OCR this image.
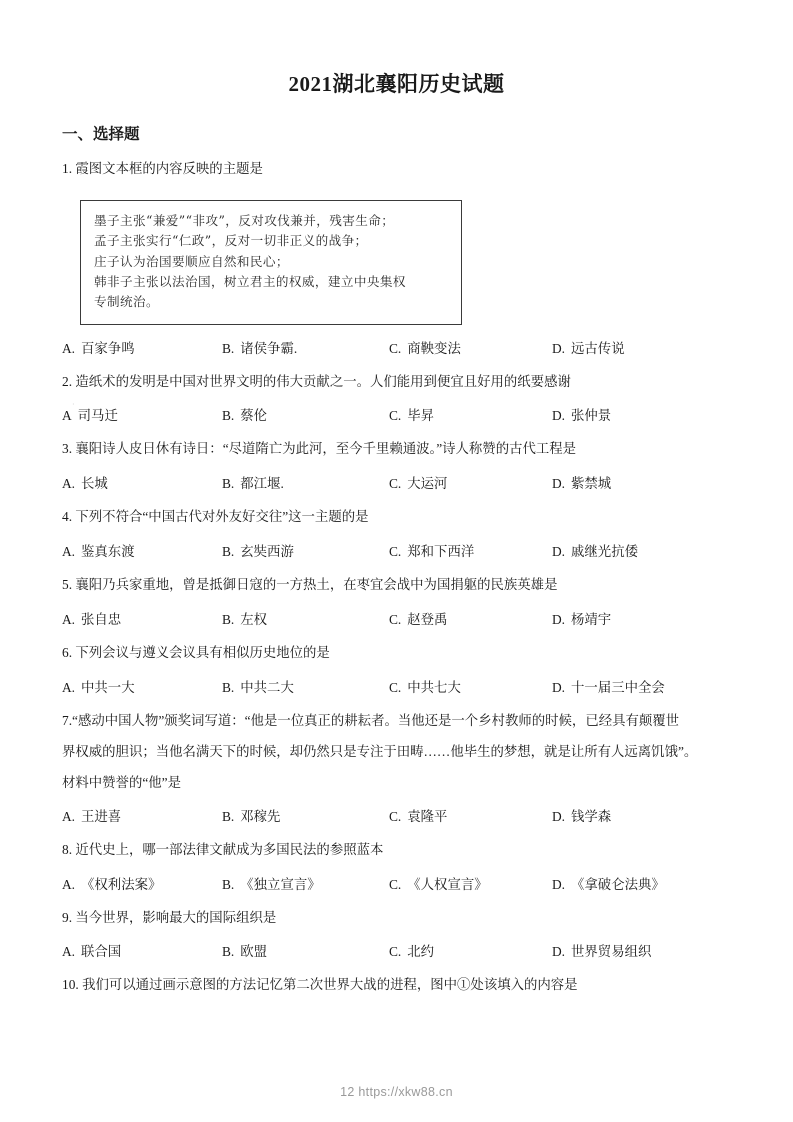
2021湖北襄阳历史试题
一、选择题

1. 霞图文本框的内容反映的主题是

墨子主张“兼爱”“非攻”，反对攻伐兼并，残害生命；

孟子主张实行“仁政”，反对一切非正义的战争；

庄子认为治国要顺应自然和民心；

韩非子主张以法治国，树立君主的权威，建立中央集权

专制统治。

A. 百家争鸣	B. 诸侯争霸.	C. 商鞅变法	D. 远古传说

2. 造纸术的发明是中国对世界文明的伟大贡献之一。人们能用到便宜且好用的纸要感谢

A 司马迁	B. 蔡伦	C. 毕昇	D. 张仲景

3. 襄阳诗人皮日休有诗日：“尽道隋亡为此河，至今千里赖通波。”诗人称赞的古代工程是

A. 长城	B. 都江堰.	C. 大运河	D. 紫禁城

4. 下列不符合“中国古代对外友好交往”这一主题的是

A. 鉴真东渡	B. 玄奘西游	C. 郑和下西洋	D. 戚继光抗倭

5. 襄阳乃兵家重地，曾是抵御日寇的一方热土，在枣宜会战中为国捐躯的民族英雄是

A. 张自忠	B. 左权	C. 赵登禹	D. 杨靖宇

6. 下列会议与遵义会议具有相似历史地位的是

A. 中共一大	B. 中共二大	C. 中共七大	D. 十一届三中全会

7.“感动中国人物”颁奖词写道：“他是一位真正的耕耘者。当他还是一个乡村教师的时候，已经具有颠覆世

界权威的胆识；当他名满天下的时候，却仍然只是专注于田畴……他毕生的梦想，就是让所有人远离饥饿”。

材料中赞誉的“他”是

A. 王进喜	B. 邓稼先	C. 袁隆平	D. 钱学森

8. 近代史上，哪一部法律文献成为多国民法的参照蓝本

A. 《权利法案》	B. 《独立宣言》	C. 《人权宣言》	D. 《拿破仑法典》

9. 当今世界，影响最大的国际组织是

A. 联合国	B. 欧盟	C. 北约	D. 世界贸易组织

10. 我们可以通过画示意图的方法记忆第二次世界大战的进程，图中①处该填入的内容是

·
12 https://xkw88.cn
